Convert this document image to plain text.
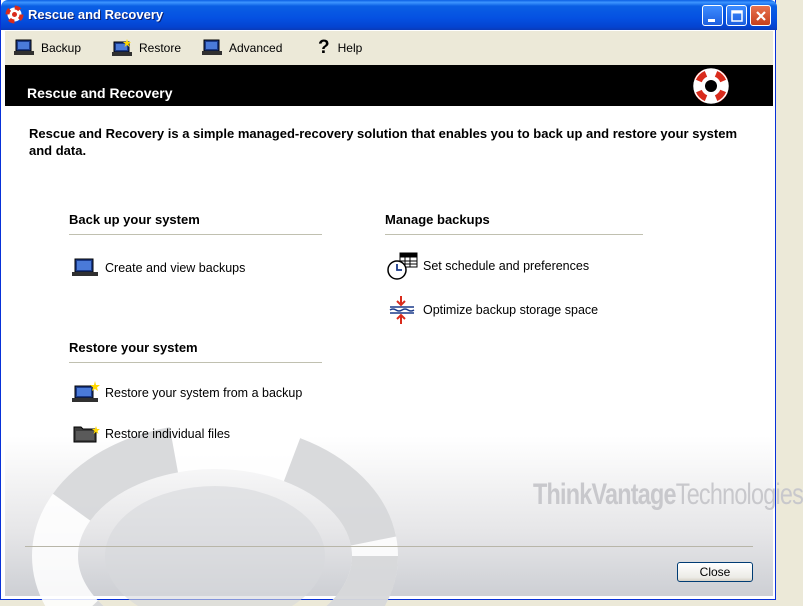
Rescue and Recovery
Backup	Restore	Advanced ? Help
Rescue and Recovery
Rescue and Recovery is a simple managed-recovery solution that enables you to back up and restore your system and data.
Back up your system
Create and view backups
Restore your system
Restore your system from a backup
Restore individual files
Manage backups
Set schedule and preferences
Optimize backup storage space
ThinkVantageTechnologies
Close
